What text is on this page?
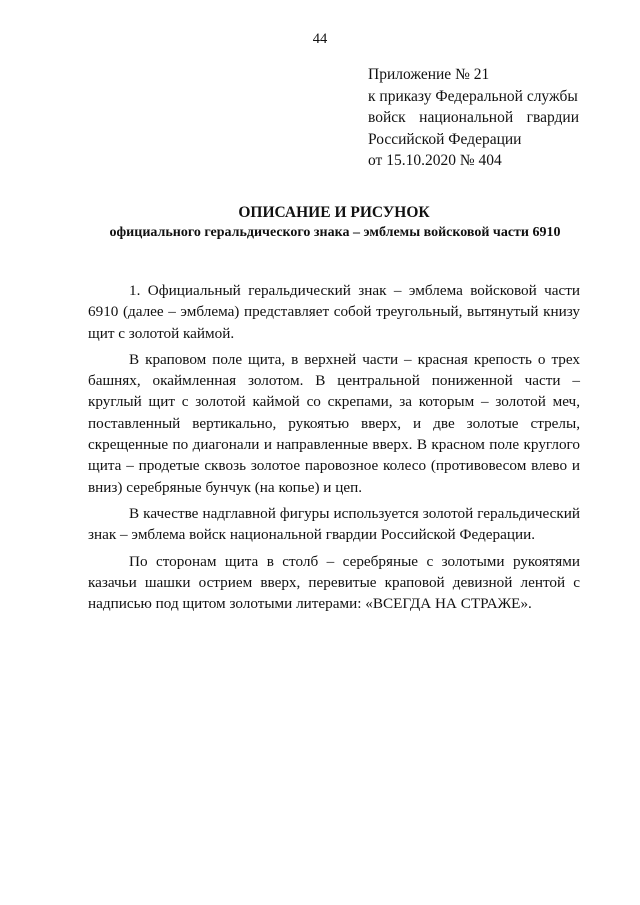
44
Приложение № 21
к приказу Федеральной службы
войск национальной гвардии
Российской Федерации
от 15.10.2020 № 404
ОПИСАНИЕ И РИСУНОК
официального геральдического знака – эмблемы войсковой части 6910

1. Официальный геральдический знак – эмблема войсковой части 6910 (далее – эмблема) представляет собой треугольный, вытянутый книзу щит с золотой каймой.

В краповом поле щита, в верхней части – красная крепость о трех башнях, окаймленная золотом. В центральной пониженной части – круглый щит с золотой каймой со скрепами, за которым – золотой меч, поставленный вертикально, рукоятью вверх, и две золотые стрелы, скрещенные по диагонали и направленные вверх. В красном поле круглого щита – продетые сквозь золотое паровозное колесо (противовесом влево и вниз) серебряные бунчук (на копье) и цеп.

В качестве надглавной фигуры используется золотой геральдический знак – эмблема войск национальной гвардии Российской Федерации.

По сторонам щита в столб – серебряные с золотыми рукоятями казачьи шашки острием вверх, перевитые краповой девизной лентой с надписью под щитом золотыми литерами: «ВСЕГДА НА СТРАЖЕ».
